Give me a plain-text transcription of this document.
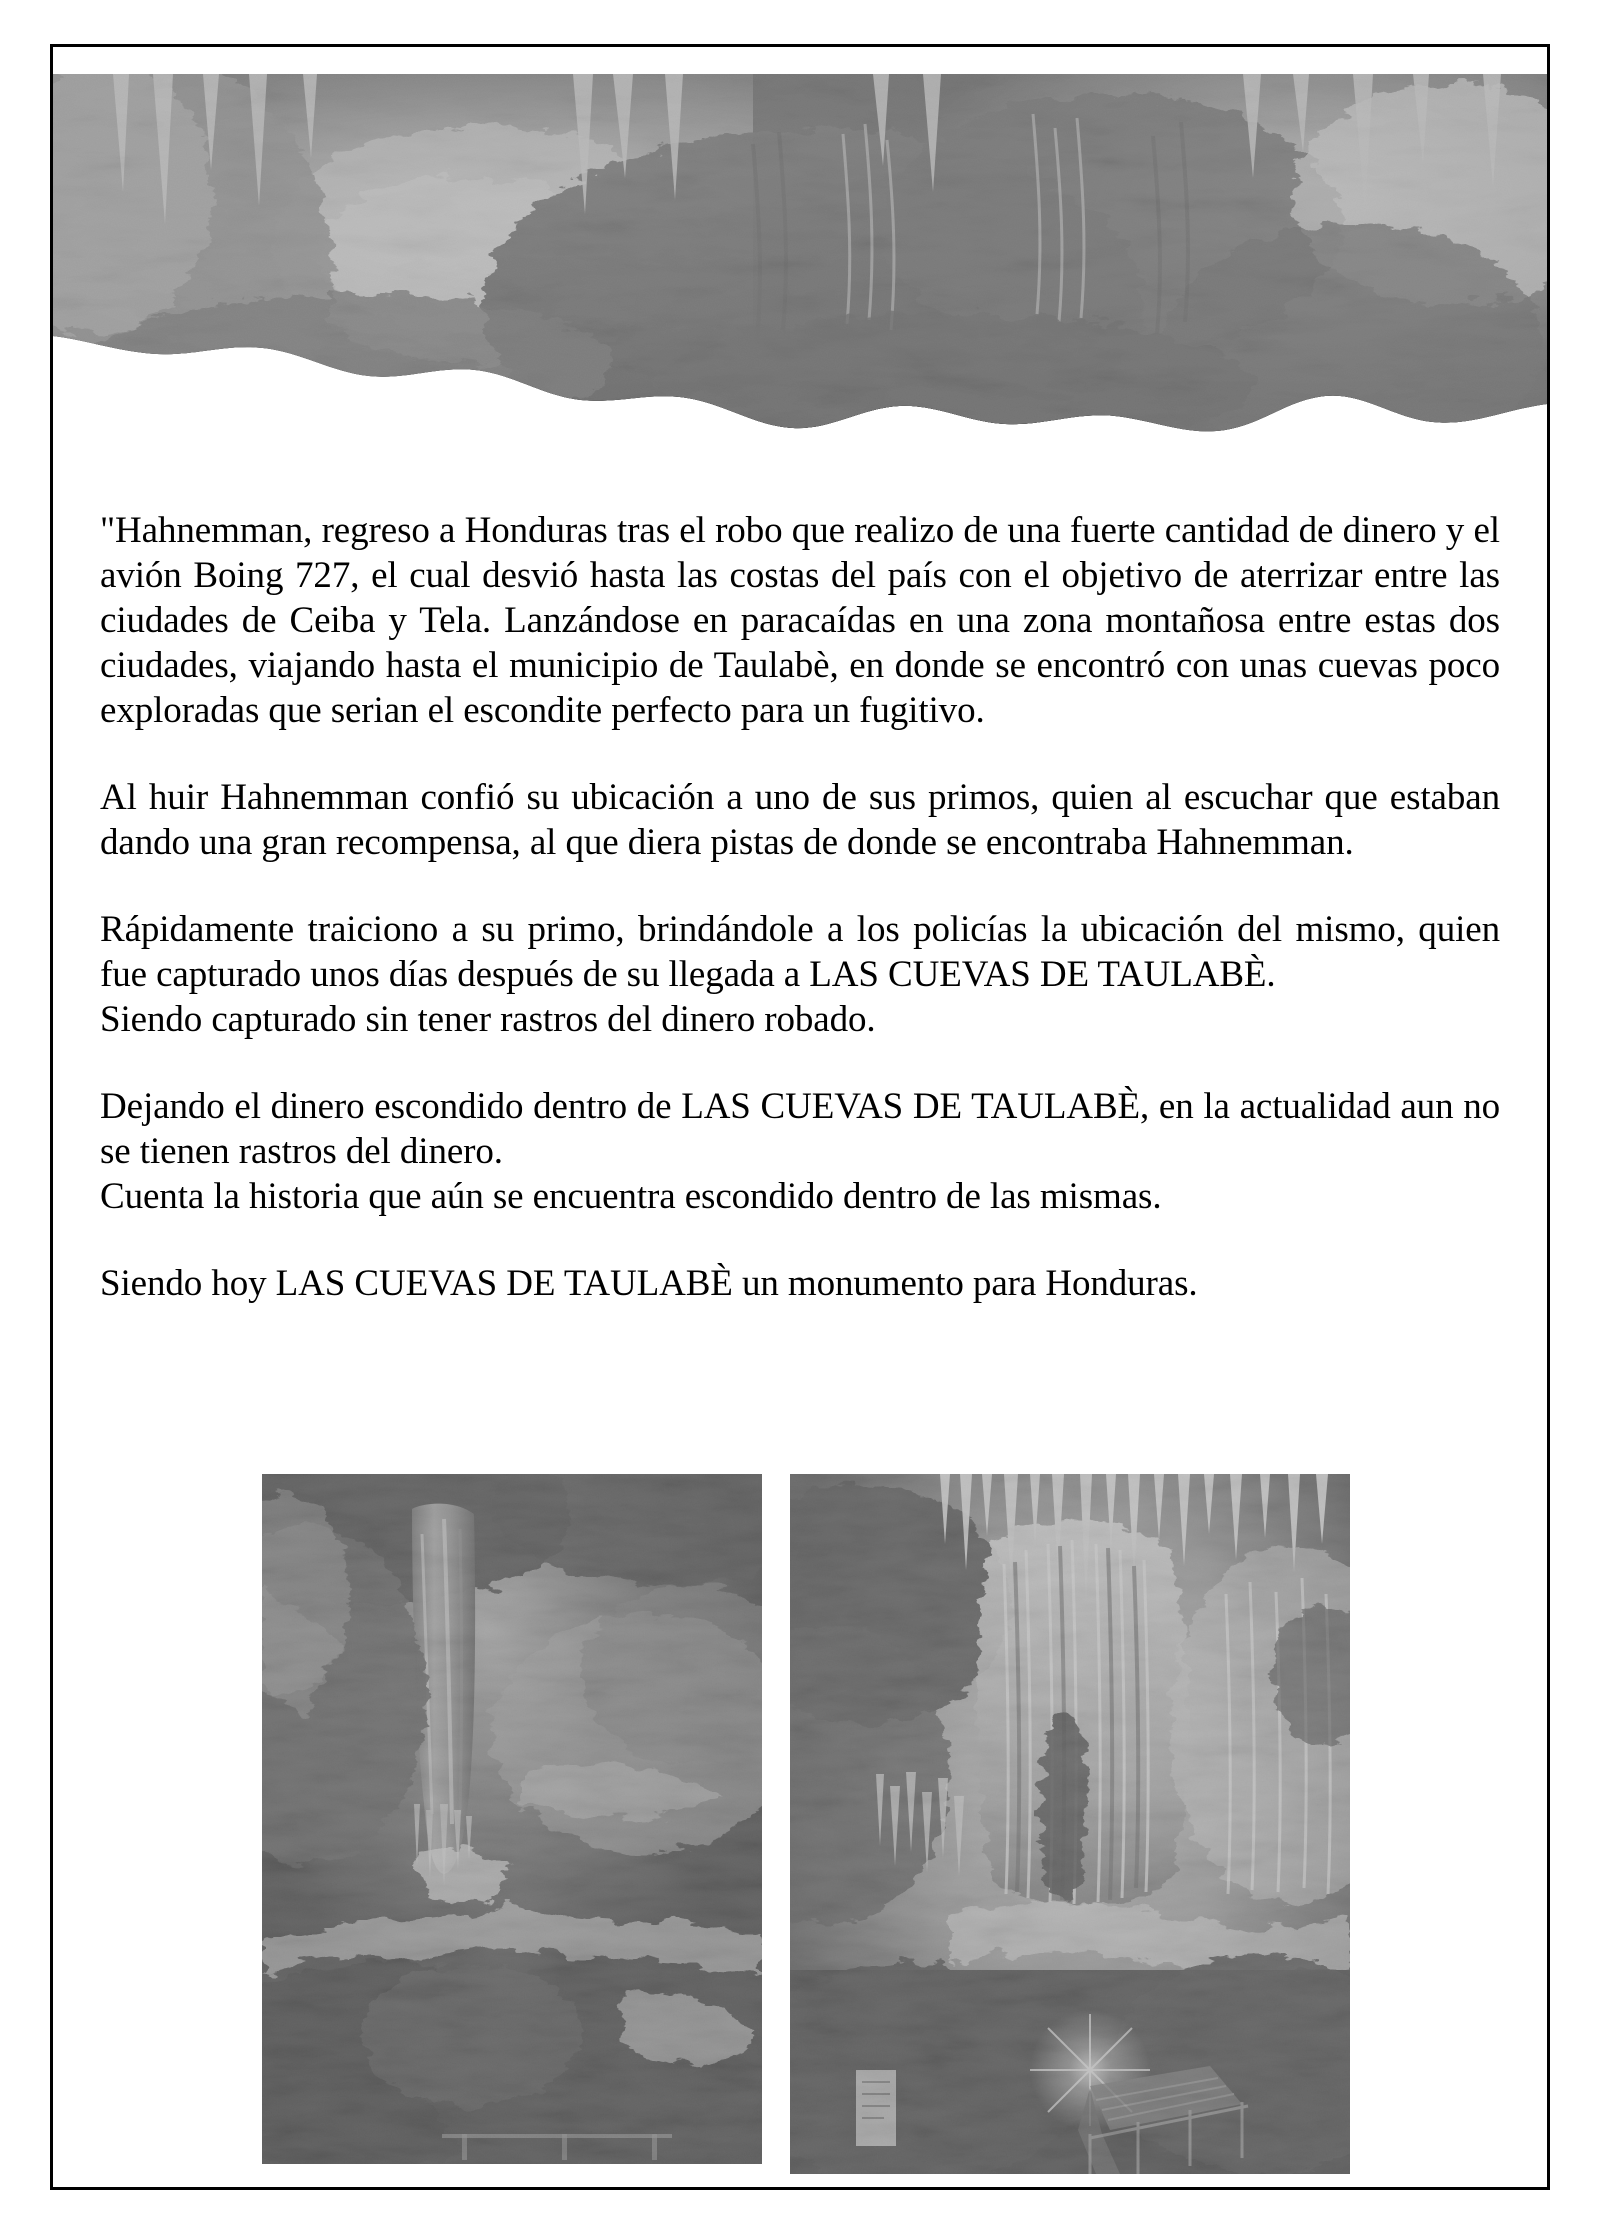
"Hahnemman, regreso a Honduras tras el robo que realizo de una fuerte cantidad de dinero y el avión Boing 727, el cual desvió hasta las costas del país con el objetivo de aterrizar entre las ciudades de Ceiba y Tela. Lanzándose en paracaídas en una zona montañosa entre estas dos ciudades, viajando hasta el municipio de Taulabè, en donde se encontró con unas cuevas poco exploradas que serian el escondite perfecto para un fugitivo.

Al huir Hahnemman confió su ubicación a uno de sus primos, quien al escuchar que estaban dando una gran recompensa, al que diera pistas de donde se encontraba Hahnemman.

Rápidamente traiciono a su primo, brindándole a los policías la ubicación del mismo, quien fue capturado unos días después de su llegada a LAS CUEVAS DE TAULABÈ.

Siendo capturado sin tener rastros del dinero robado.

Dejando el dinero escondido dentro de LAS CUEVAS DE TAULABÈ, en la actualidad aun no se tienen rastros del dinero.

Cuenta la historia que aún se encuentra escondido dentro de las mismas.

Siendo hoy LAS CUEVAS DE TAULABÈ un monumento para Honduras.
